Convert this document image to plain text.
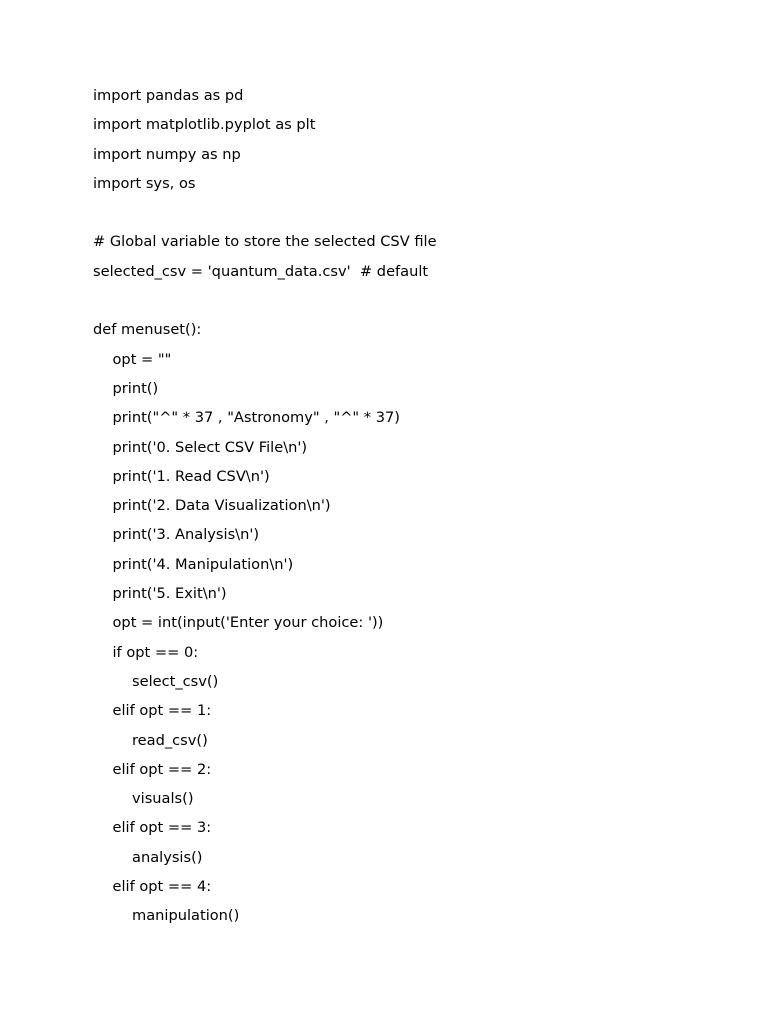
import pandas as pd
import matplotlib.pyplot as plt
import numpy as np
import sys, os
# Global variable to store the selected CSV file
selected_csv = 'quantum_data.csv'  # default
def menuset():
opt = ""
print()
print("^" * 37 , "Astronomy" , "^" * 37)
print('0. Select CSV File\n')
print('1. Read CSV\n')
print('2. Data Visualization\n')
print('3. Analysis\n')
print('4. Manipulation\n')
print('5. Exit\n')
opt = int(input('Enter your choice: '))
if opt == 0:
select_csv()
elif opt == 1:
read_csv()
elif opt == 2:
visuals()
elif opt == 3:
analysis()
elif opt == 4:
manipulation()
